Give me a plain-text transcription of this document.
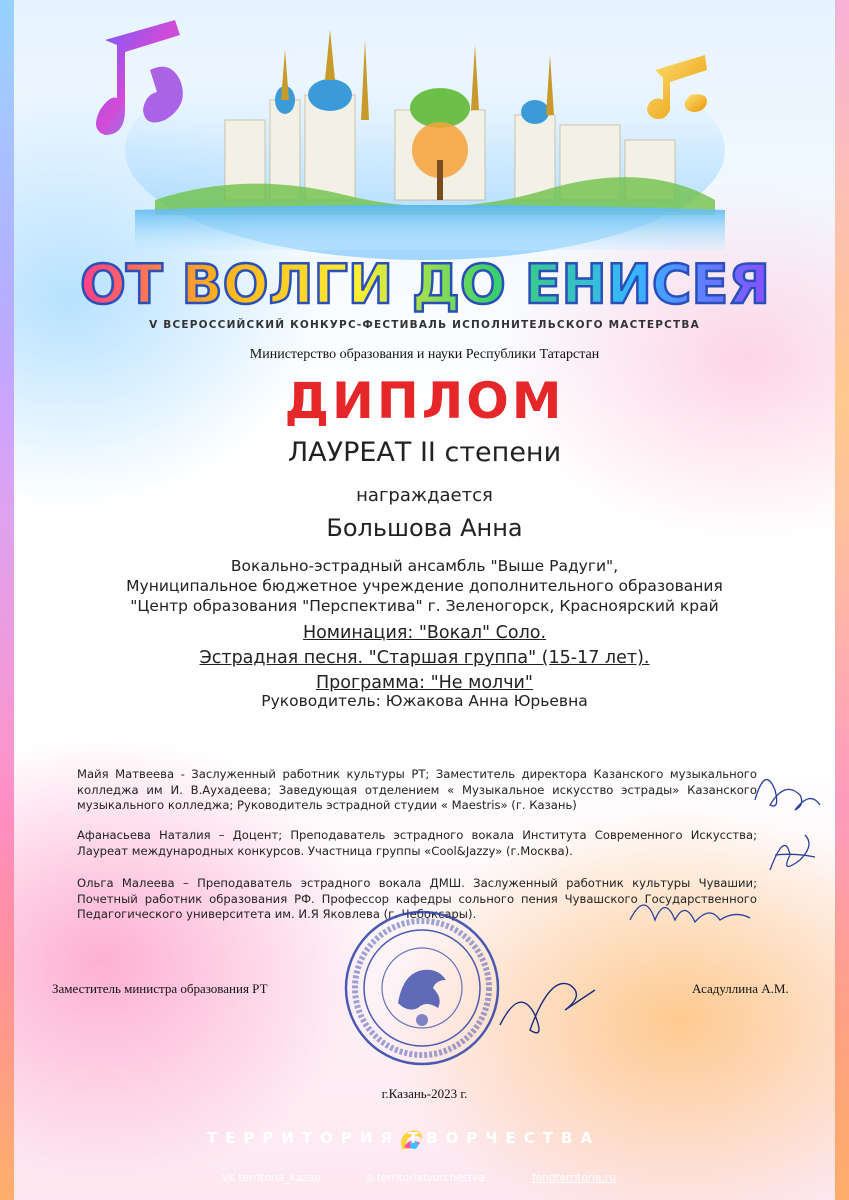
ОТ ВОЛГИ ДО ЕНИСЕЯ
V ВСЕРОССИЙСКИЙ КОНКУРС-ФЕСТИВАЛЬ ИСПОЛНИТЕЛЬСКОГО МАСТЕРСТВА
Министерство образования и науки Республики Татарстан
ДИПЛОМ
ЛАУРЕАТ II степени
награждается
Большова Анна
Вокально-эстрадный ансамбль "Выше Радуги",
Муниципальное бюджетное учреждение дополнительного образования
"Центр образования "Перспектива" г. Зеленогорск, Красноярский край
Номинация: "Вокал" Соло.
Эстрадная песня. "Старшая группа" (15-17 лет).
Программа: "Не молчи"
Руководитель: Южакова Анна Юрьевна
Майя Матвеева - Заслуженный работник культуры РТ; Заместитель директора Казанского музыкального колледжа им И. В.Аухадеева; Заведующая отделением « Музыкальное искусство эстрады» Казанского музыкального колледжа; Руководитель эстрадной студии « Maestris» (г. Казань)
Афанасьева Наталия – Доцент; Преподаватель эстрадного вокала Института Современного Искусства; Лауреат международных конкурсов. Участница группы «Cool&Jazzy» (г.Москва).
Ольга Малеева – Преподаватель эстрадного вокала ДМШ. Заслуженный работник культуры Чувашии; Почетный работник образования РФ. Профессор кафедры сольного пения Чувашского Государственного Педагогического университета им. И.Я Яковлева (г. Чебоксары).
Заместитель министра образования РТ	Асадуллина А.М.
г.Казань-2023 г.
ТЕРРИТОРИЯ ТВОРЧЕСТВА
VK territoria_kazan	◎ territoriatvorchestva	fondterritoria.ru
